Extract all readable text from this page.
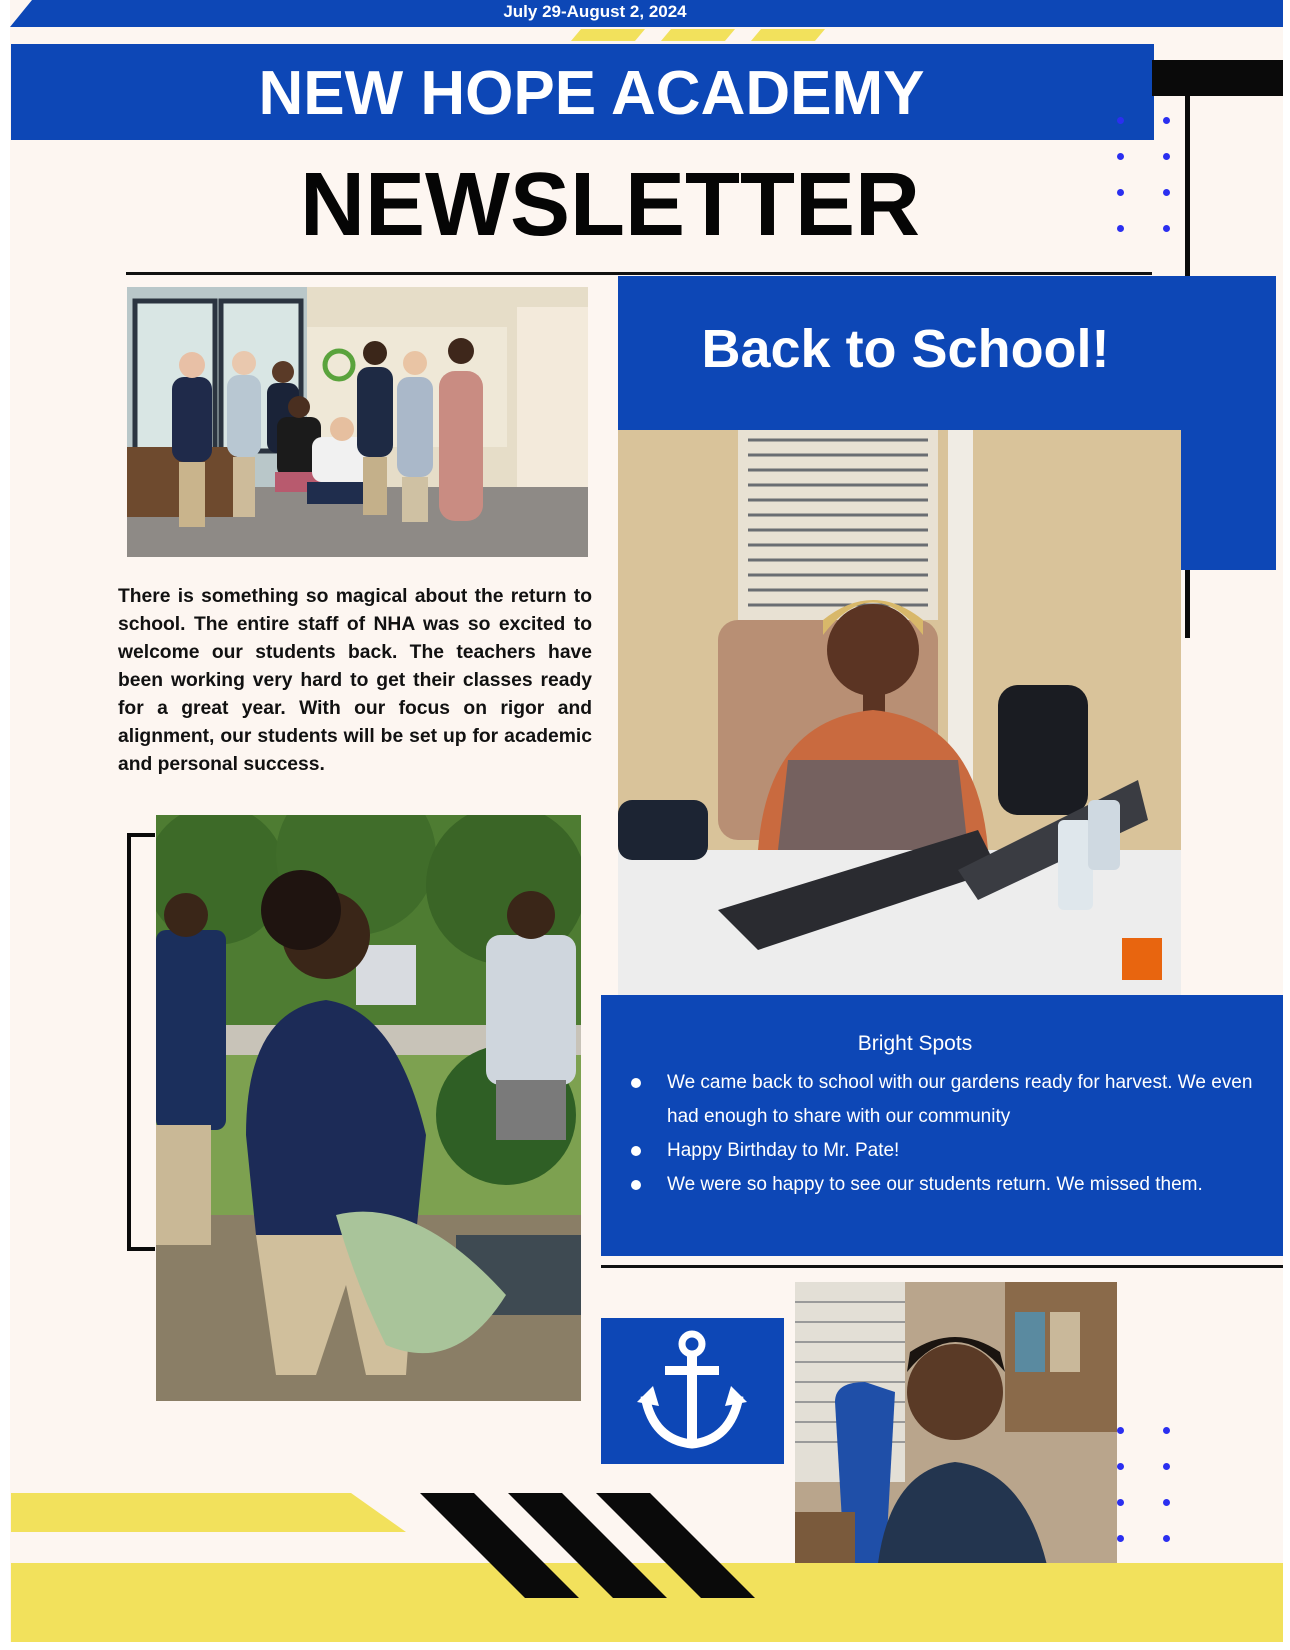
July 29-August 2, 2024
NEW HOPE ACADEMY
NEWSLETTER
Back to School!

There is something so magical about the return to school. The entire staff of NHA was so excited to welcome our students back. The teachers have been working very hard to get their classes ready for a great year. With our focus on rigor and alignment, our students will be set up for academic and personal success.

Bright Spots
We came back to school with our gardens ready for harvest. We even had enough to share with our community
Happy Birthday to Mr. Pate!
We were so happy to see our students return. We missed them.
